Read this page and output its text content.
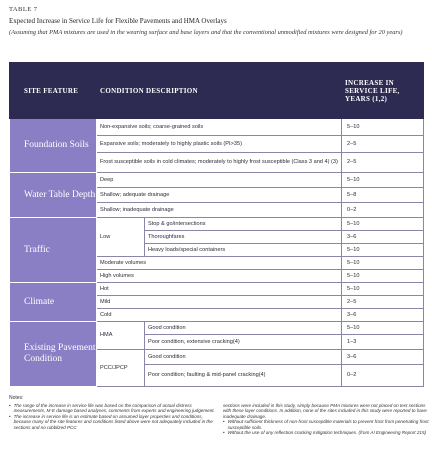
TABLE 7
Expected Increase in Service Life for Flexible Pavements and HMA Overlays
(Assuming that PMA mixtures are used in the wearing surface and base layers and that the conventional unmodified mixtures were designed for 20 years)
SITE FEATURE	CONDITION DESCRIPTION		INCREASE IN SERVICE LIFE, YEARS (1,2)
Foundation Soils	Non-expansive soils; coarse-grained soils		5–10
	Expansive soils; moderately to highly plastic soils (PI>35)		2–5
	Frost susceptible soils in cold climates; moderately to highly frost susceptible (Class 3 and 4) (3)		2–5
Water Table Depth	Deep		5–10
	Shallow; adequate drainage		5–8
	Shallow; inadequate drainage		0–2
Traffic	Low	Stop & go/intersections	5–10
		Thoroughfares	3–6
		Heavy loads/special containers	5–10
	Moderate volumes		5–10
	High volumes		5–10
Climate	Hot		5–10
	Mild		2–5
	Cold		3–6
Existing Pavement Condition	HMA	Good condition	5–10
		Poor condition, extensive cracking(4)	1–3
	PCC/JPCP	Good condition	3–6
		Poor condition; faulting & mid-panel cracking(4)	0–2
Notes:
• The range of the increase in service life was based on the comparison of actual distress measurements, M-E damage based analyses, comments from experts and engineering judgement.
• The increase in service life is an estimate based on assumed layer properties and conditions, because many of the site features and conditions listed above were not adequately included in the sections and no rubblized PCC
sections were included in this study, simply because PMA mixtures were not placed on test sections with these layer conditions. In addition, none of the sites included in this study were reported to have inadequate drainage.
• Without sufficient thickness of non-frost susceptible materials to prevent frost from penetrating frost susceptible soils.
• Without the use of any reflection cracking mitigation techniques. (from AI Engineering Report 215)
